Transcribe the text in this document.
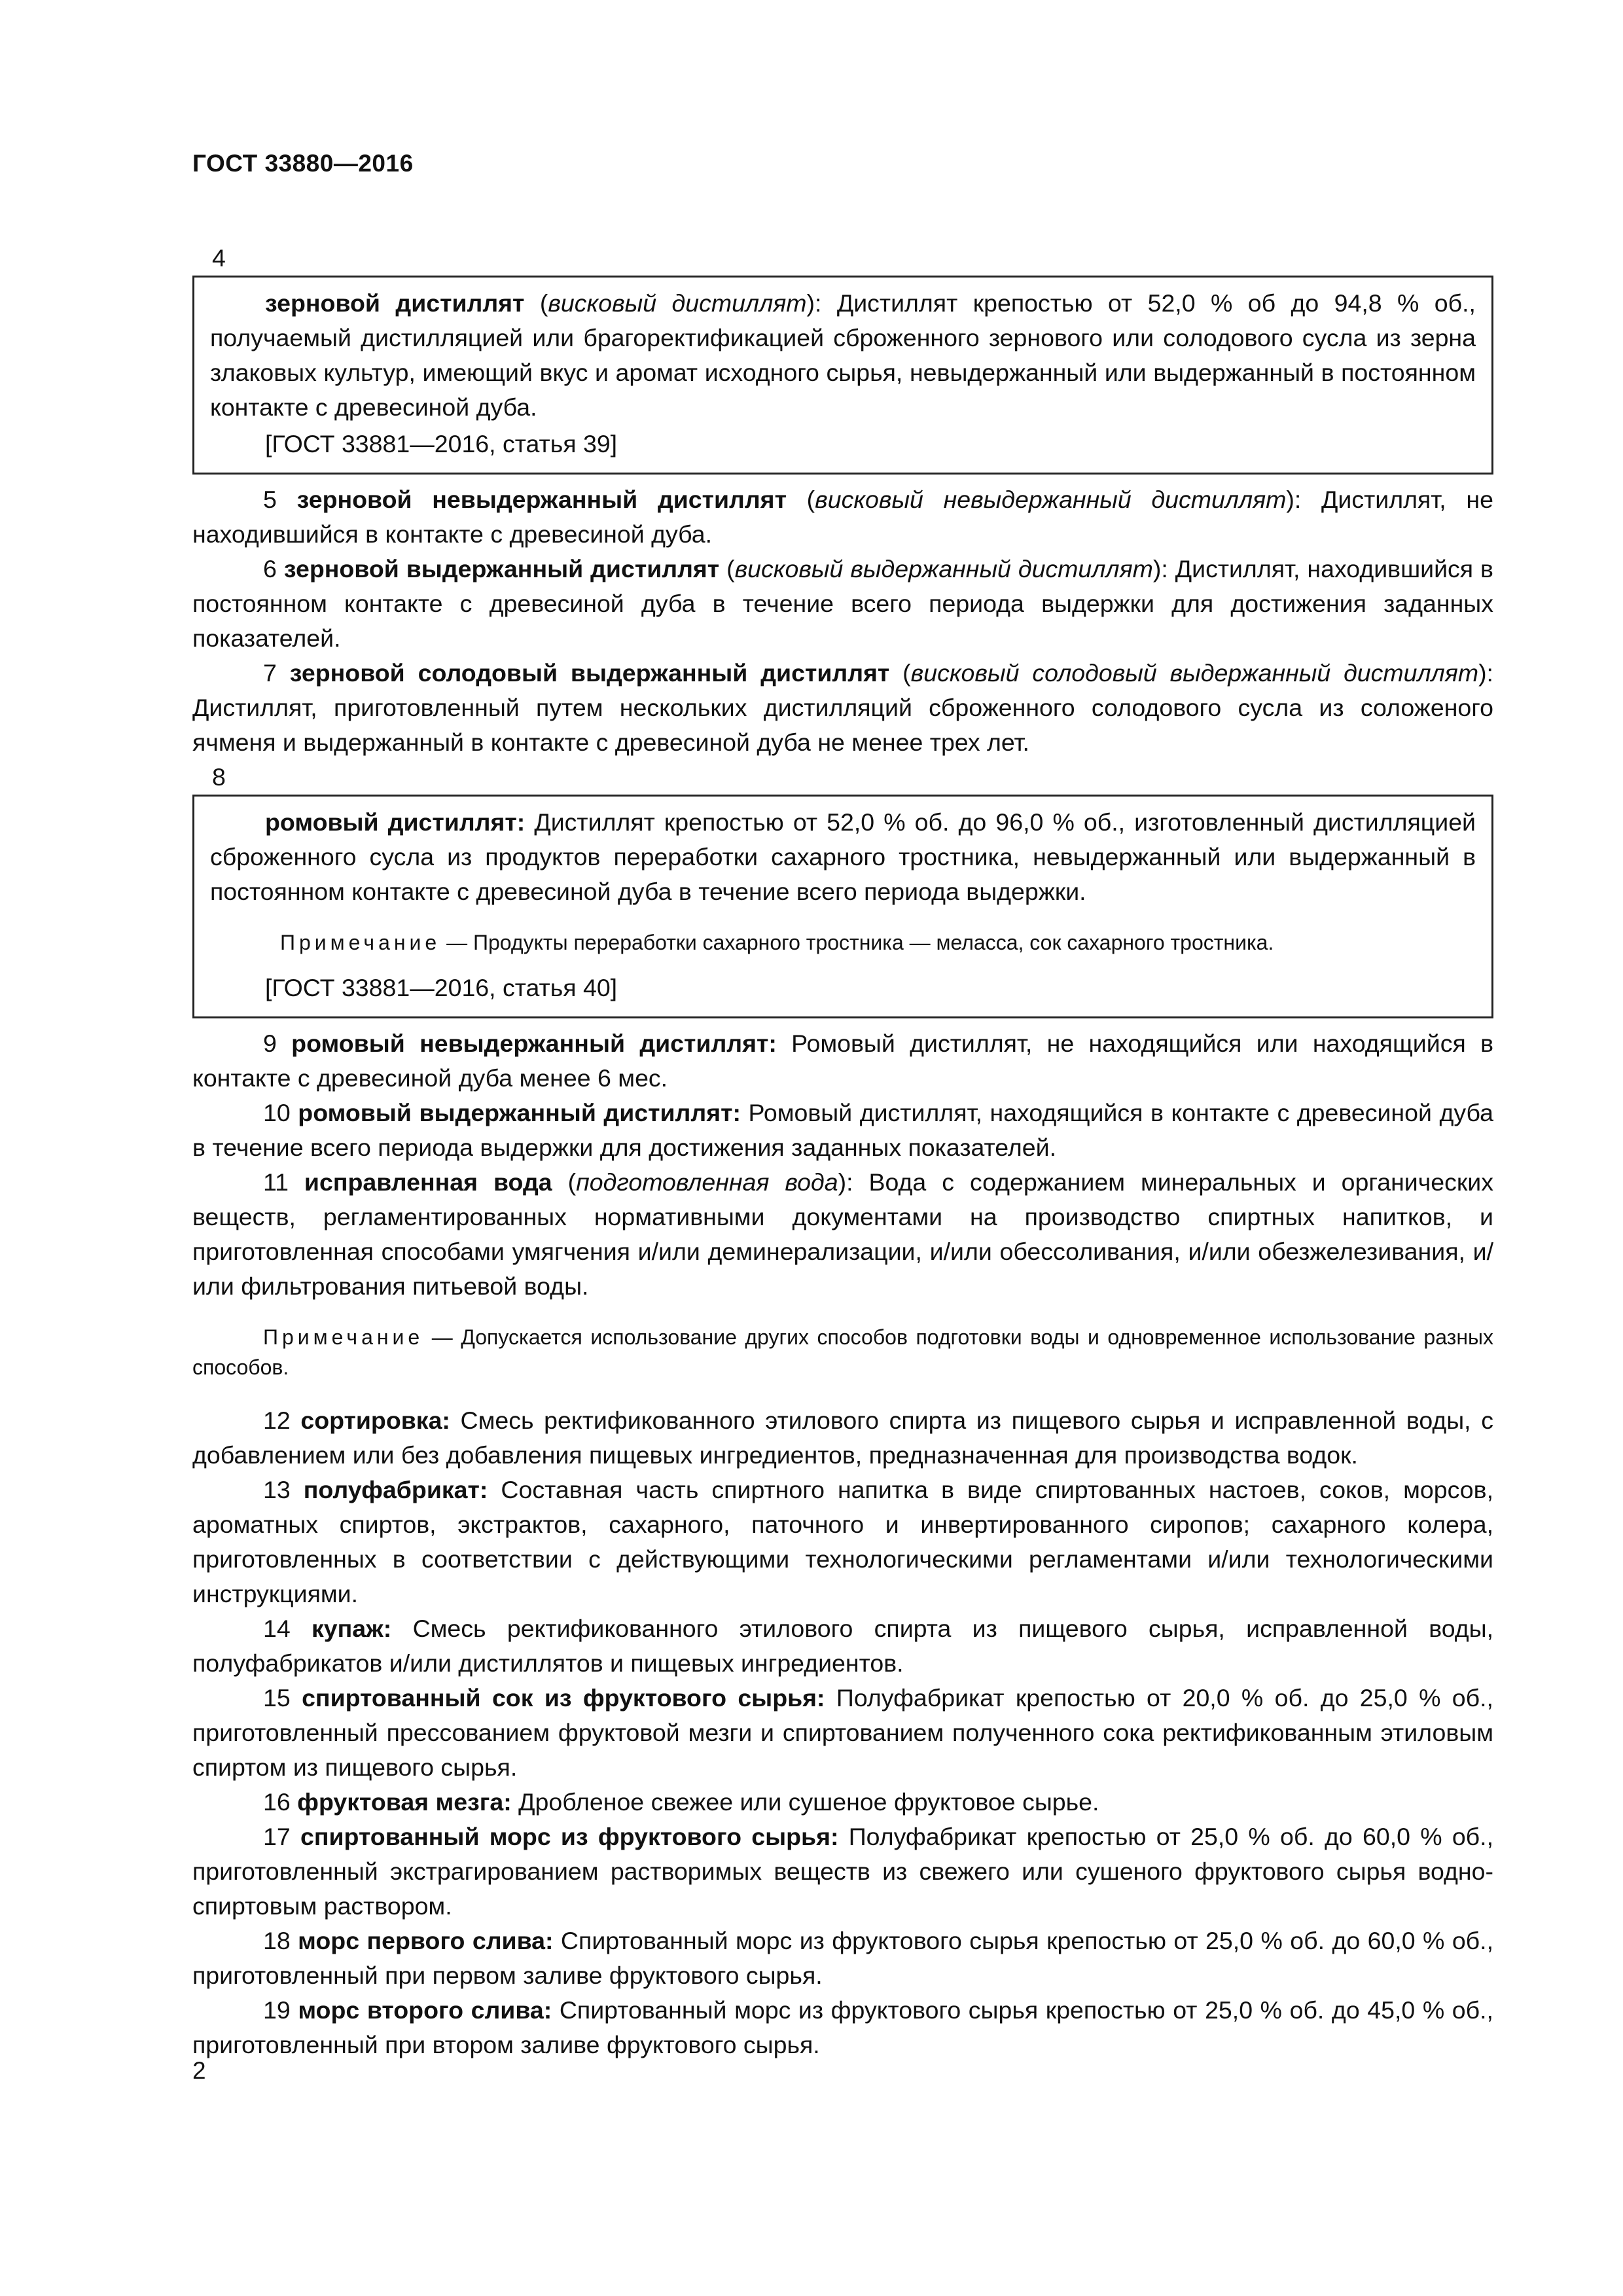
ГОСТ 33880—2016
4

зерновой дистиллят (висковый дистиллят): Дистиллят крепостью от 52,0 % об до 94,8 % об., получаемый дистилляцией или брагоректификацией сброженного зернового или солодового сусла из зерна злаковых культур, имеющий вкус и аромат исходного сырья, невыдержанный или выдержанный в постоянном контакте с древесиной дуба.

[ГОСТ 33881—2016, статья 39]

5 зерновой невыдержанный дистиллят (висковый невыдержанный дистиллят): Дистиллят, не находившийся в контакте с древесиной дуба.

6 зерновой выдержанный дистиллят (висковый выдержанный дистиллят): Дистиллят, находившийся в постоянном контакте с древесиной дуба в течение всего периода выдержки для достижения заданных показателей.

7 зерновой солодовый выдержанный дистиллят (висковый солодовый выдержанный дистиллят): Дистиллят, приготовленный путем нескольких дистилляций сброженного солодового сусла из соложеного ячменя и выдержанный в контакте с древесиной дуба не менее трех лет.

8

ромовый дистиллят: Дистиллят крепостью от 52,0 % об. до 96,0 % об., изготовленный дистилляцией сброженного сусла из продуктов переработки сахарного тростника, невыдержанный или выдержанный в постоянном контакте с древесиной дуба в течение всего периода выдержки.

Примечание — Продукты переработки сахарного тростника — меласса, сок сахарного тростника.
[ГОСТ 33881—2016, статья 40]

9 ромовый невыдержанный дистиллят: Ромовый дистиллят, не находящийся или находящийся в контакте с древесиной дуба менее 6 мес.

10 ромовый выдержанный дистиллят: Ромовый дистиллят, находящийся в контакте с древесиной дуба в течение всего периода выдержки для достижения заданных показателей.

11 исправленная вода (подготовленная вода): Вода с содержанием минеральных и органических веществ, регламентированных нормативными документами на производство спиртных напитков, и приготовленная способами умягчения и/или деминерализации, и/или обессоливания, и/или обезжелезивания, и/или фильтрования питьевой воды.

Примечание — Допускается использование других способов подготовки воды и одновременное использование разных способов.

12 сортировка: Смесь ректификованного этилового спирта из пищевого сырья и исправленной воды, с добавлением или без добавления пищевых ингредиентов, предназначенная для производства водок.

13 полуфабрикат: Составная часть спиртного напитка в виде спиртованных настоев, соков, морсов, ароматных спиртов, экстрактов, сахарного, паточного и инвертированного сиропов; сахарного колера, приготовленных в соответствии с действующими технологическими регламентами и/или технологическими инструкциями.

14 купаж: Смесь ректификованного этилового спирта из пищевого сырья, исправленной воды, полуфабрикатов и/или дистиллятов и пищевых ингредиентов.

15 спиртованный сок из фруктового сырья: Полуфабрикат крепостью от 20,0 % об. до 25,0 % об., приготовленный прессованием фруктовой мезги и спиртованием полученного сока ректификованным этиловым спиртом из пищевого сырья.

16 фруктовая мезга: Дробленое свежее или сушеное фруктовое сырье.

17 спиртованный морс из фруктового сырья: Полуфабрикат крепостью от 25,0 % об. до 60,0 % об., приготовленный экстрагированием растворимых веществ из свежего или сушеного фруктового сырья водно-спиртовым раствором.

18 морс первого слива: Спиртованный морс из фруктового сырья крепостью от 25,0 % об. до 60,0 % об., приготовленный при первом заливе фруктового сырья.

19 морс второго слива: Спиртованный морс из фруктового сырья крепостью от 25,0 % об. до 45,0 % об., приготовленный при втором заливе фруктового сырья.

2
